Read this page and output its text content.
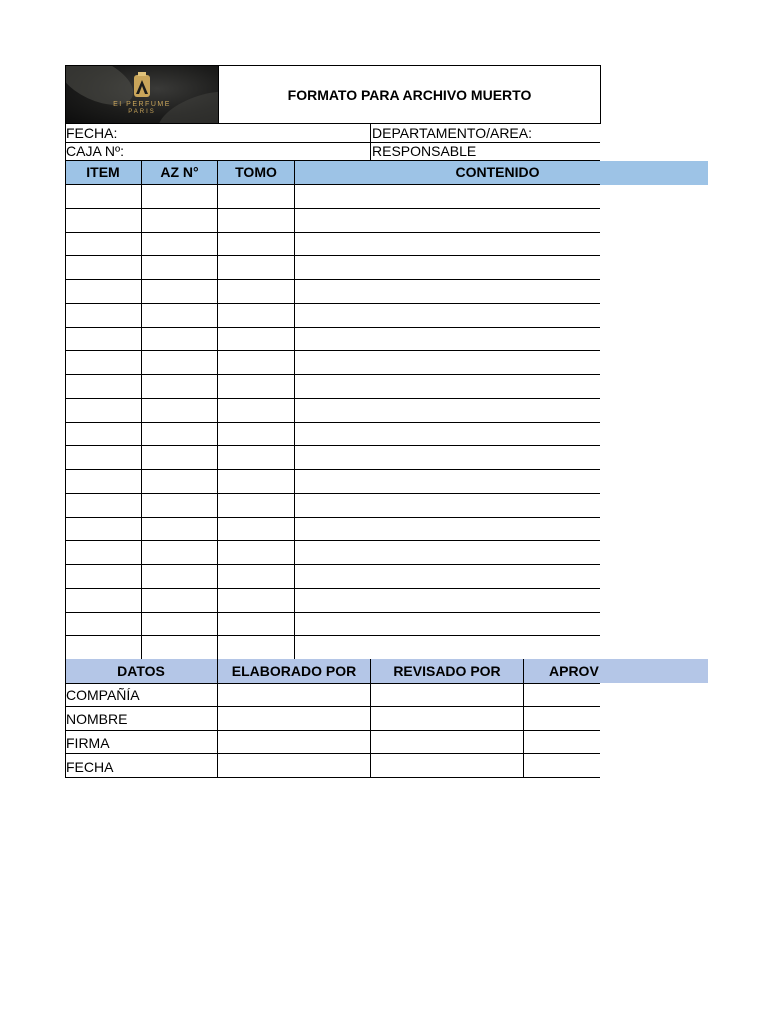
EI PERFUME
PARIS
FORMATO PARA ARCHIVO MUERTO
FECHA:	DEPARTAMENTO/AREA:
CAJA Nº:	RESPONSABLE
ITEM	AZ N°	TOMO	CONTENIDO
DATOS	ELABORADO POR	REVISADO POR	APROV
COMPAÑÍA
NOMBRE
FIRMA
FECHA
